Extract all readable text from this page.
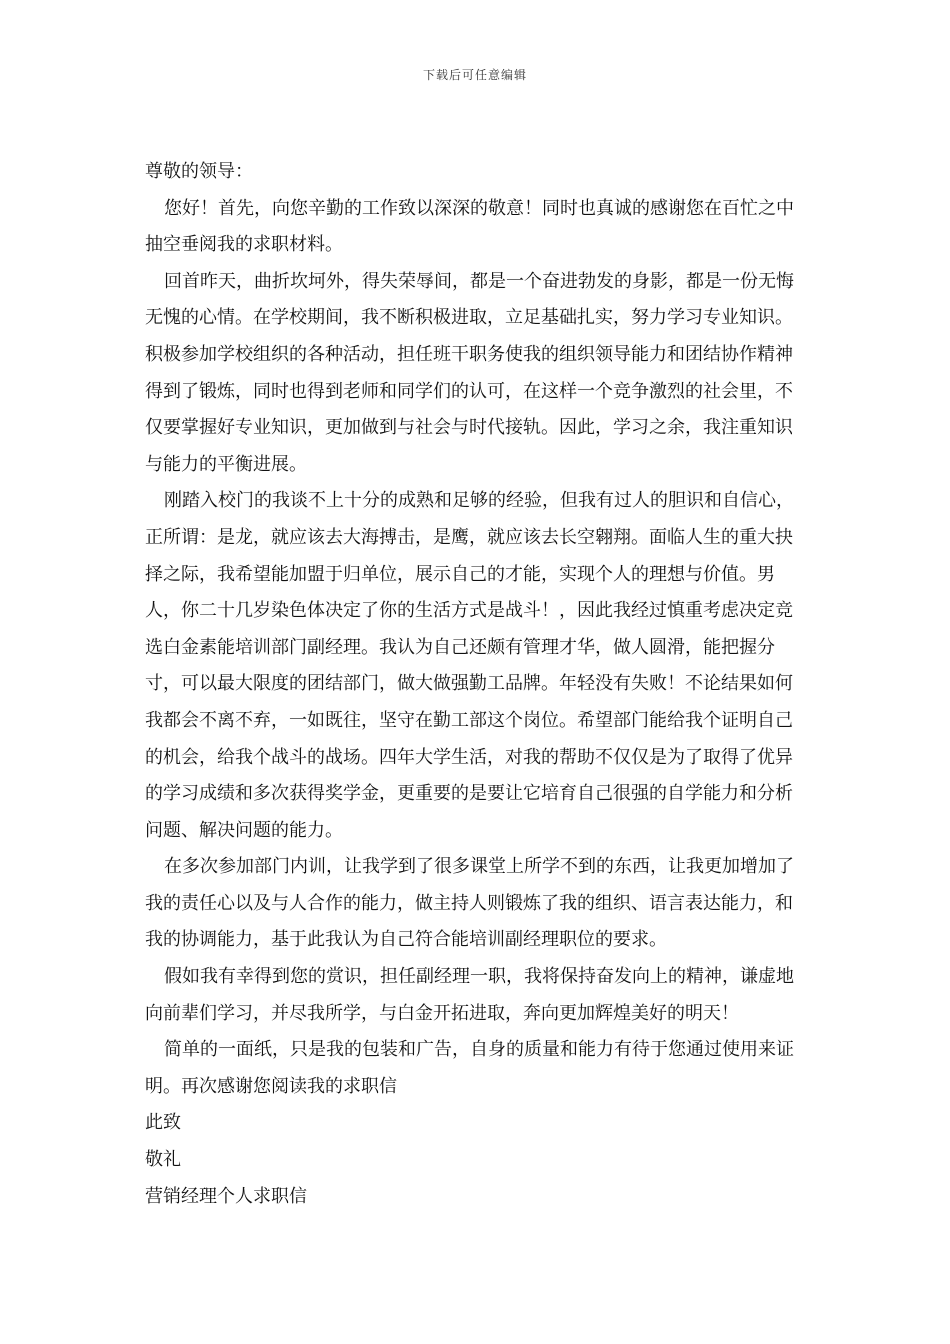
下载后可任意编辑

尊敬的领导：

您好！首先，向您辛勤的工作致以深深的敬意！同时也真诚的感谢您在百忙之中抽空垂阅我的求职材料。

回首昨天，曲折坎坷外，得失荣辱间，都是一个奋进勃发的身影，都是一份无悔无愧的心情。在学校期间，我不断积极进取，立足基础扎实，努力学习专业知识。积极参加学校组织的各种活动，担任班干职务使我的组织领导能力和团结协作精神得到了锻炼，同时也得到老师和同学们的认可，在这样一个竞争激烈的社会里，不仅要掌握好专业知识，更加做到与社会与时代接轨。因此，学习之余，我注重知识与能力的平衡进展。

刚踏入校门的我谈不上十分的成熟和足够的经验，但我有过人的胆识和自信心，正所谓：是龙，就应该去大海搏击，是鹰，就应该去长空翱翔。面临人生的重大抉择之际，我希望能加盟于归单位，展示自己的才能，实现个人的理想与价值。男人，你二十几岁染色体决定了你的生活方式是战斗！，因此我经过慎重考虑决定竞选白金素能培训部门副经理。我认为自己还颇有管理才华，做人圆滑，能把握分寸，可以最大限度的团结部门，做大做强勤工品牌。年轻没有失败！不论结果如何我都会不离不弃，一如既往，坚守在勤工部这个岗位。希望部门能给我个证明自己的机会，给我个战斗的战场。四年大学生活，对我的帮助不仅仅是为了取得了优异的学习成绩和多次获得奖学金，更重要的是要让它培育自己很强的自学能力和分析问题、解决问题的能力。

在多次参加部门内训，让我学到了很多课堂上所学不到的东西，让我更加增加了我的责任心以及与人合作的能力，做主持人则锻炼了我的组织、语言表达能力，和我的协调能力，基于此我认为自己符合能培训副经理职位的要求。

假如我有幸得到您的赏识，担任副经理一职，我将保持奋发向上的精神，谦虚地向前辈们学习，并尽我所学，与白金开拓进取，奔向更加辉煌美好的明天！

简单的一面纸，只是我的包装和广告，自身的质量和能力有待于您通过使用来证明。再次感谢您阅读我的求职信

此致

敬礼

营销经理个人求职信
